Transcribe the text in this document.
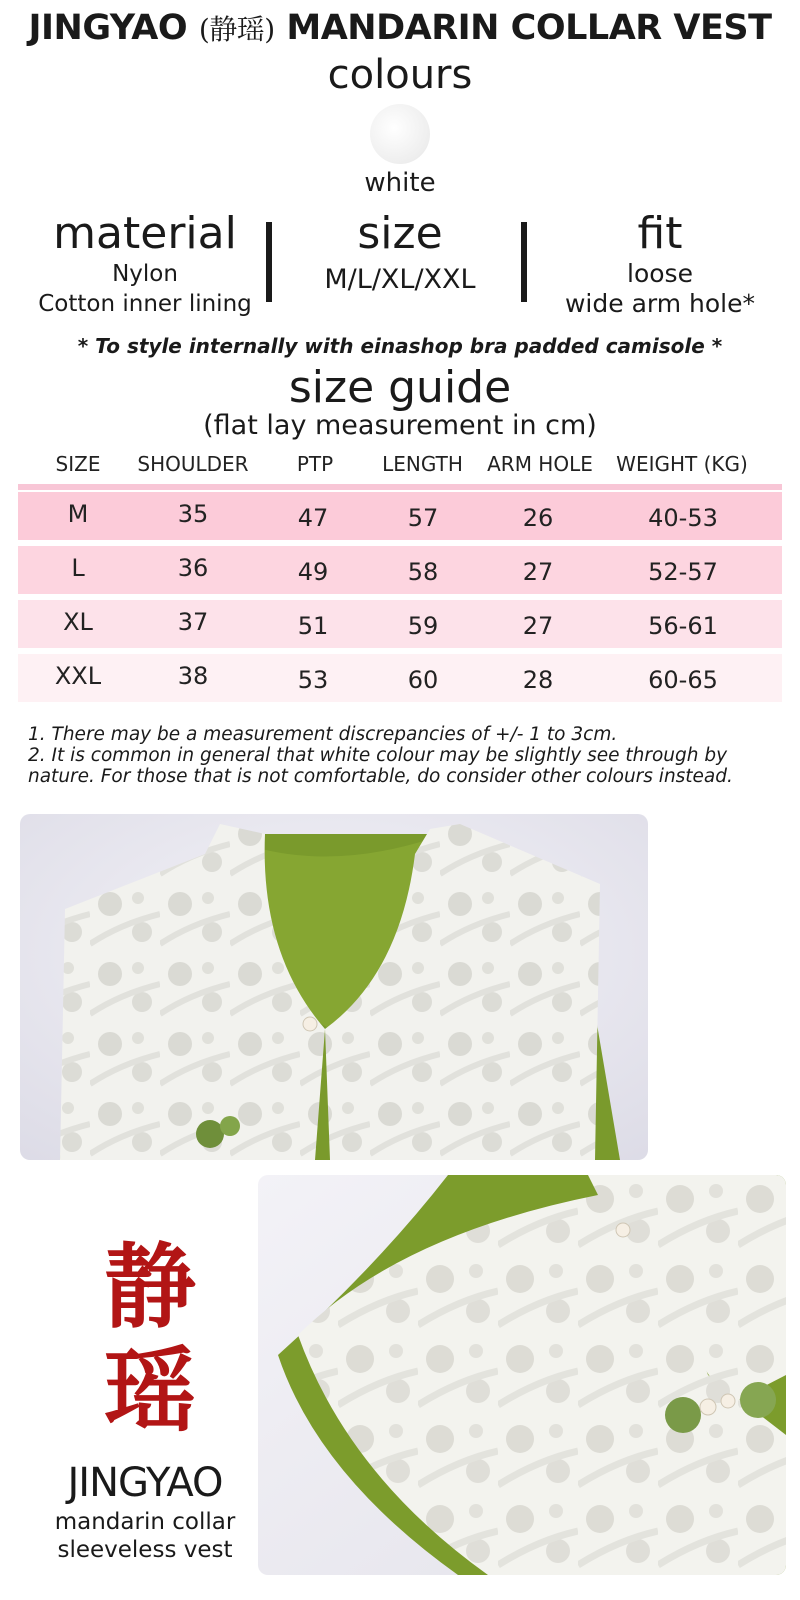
JINGYAO (静瑶) MANDARIN COLLAR VEST
colours
white
material
Nylon
Cotton inner lining
size
M/L/XL/XXL
fit
loose
wide arm hole*
* To style internally with einashop bra padded camisole *
size guide
(flat lay measurement in cm)
SIZE	SHOULDER	PTP	LENGTH	ARM HOLE	WEIGHT (KG)
M	35	47	57	26	40-53
L	36	49	58	27	52-57
XL	37	51	59	27	56-61
XXL	38	53	60	28	60-65
1. There may be a measurement discrepancies of +/- 1 to 3cm.
2. It is common in general that white colour may be slightly see through by nature. For those that is not comfortable, do consider other colours instead.
静
瑶
JINGYAO
mandarin collar
sleeveless vest
